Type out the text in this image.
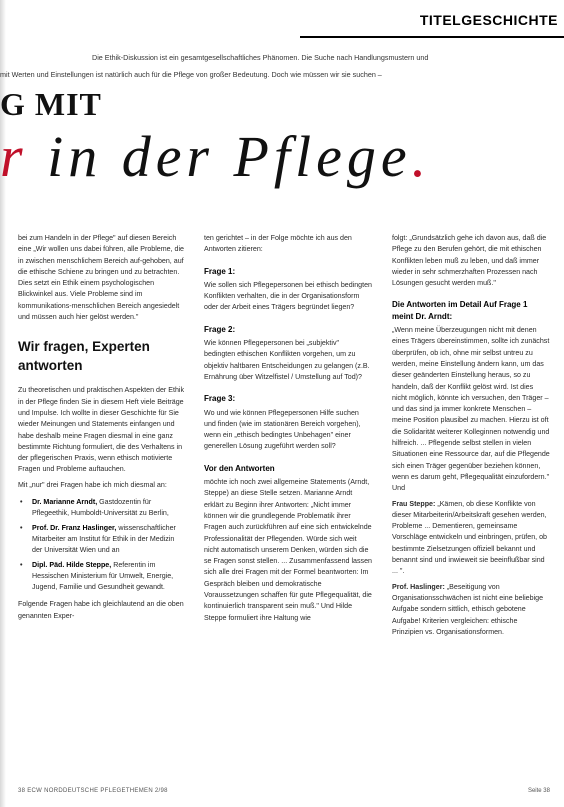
TITELGESCHICHTE
Die Ethik-Diskussion ist ein gesamtgesellschaftliches Phänomen. Die Suche nach Handlungsmustern und
mit Werten und Einstellungen ist natürlich auch für die Pflege von großer Bedeutung. Doch wie müssen wir sie suchen –
G MIT
r in der Pflege.

bei zum Handeln in der Pflege" auf diesen Bereich eine „Wir wollen uns dabei führen, alle Probleme, die in zwischen menschlichem Bereich auf-gehoben, auf die ethische Schiene zu bringen und zu betrachten. Dies setzt ein Ethik einem psychologischen Blickwinkel aus. Viele Probleme sind im kommunikations-menschlichen Bereich angesiedelt und müssen auch hier gelöst werden."

Wir fragen, Experten antworten

Zu theoretischen und praktischen Aspekten der Ethik in der Pflege finden Sie in diesem Heft viele Beiträge und Impulse. Ich wollte in dieser Geschichte für Sie wieder Meinungen und Statements einfangen und habe deshalb meine Fragen diesmal in eine ganz bestimmte Richtung formuliert, die des Verhaltens in der pflegerischen Praxis, wenn ethisch motivierte Fragen und Probleme auftauchen.

Mit „nur" drei Fragen habe ich mich diesmal an:

• Dr. Marianne Arndt, Gastdozentin für Pflegeethik, Humboldt-Universität zu Berlin,
• Prof. Dr. Franz Haslinger, wissenschaftlicher Mitarbeiter am Institut für Ethik in der Medizin der Universität Wien und an
• Dipl. Päd. Hilde Steppe, Referentin im Hessischen Ministerium für Umwelt, Energie, Jugend, Familie und Gesundheit gewandt.

Folgende Fragen habe ich gleichlautend an die oben genannten Exper-

ten gerichtet – in der Folge möchte ich aus den Antworten zitieren:

Frage 1:

Wie sollen sich Pflegepersonen bei ethisch bedingten Konflikten verhalten, die in der Organisationsform oder der Arbeit eines Trägers begründet liegen?

Frage 2:

Wie können Pflegepersonen bei „subjektiv" bedingten ethischen Konflikten vorgehen, um zu objektiv haltbaren Entscheidungen zu gelangen (z.B. Ernährung über Witzelfistel / Umstellung auf Tod)?

Frage 3:

Wo und wie können Pflegepersonen Hilfe suchen und finden (wie im stationären Bereich vorgehen), wenn ein „ethisch bedingtes Unbehagen" einer generellen Lösung zugeführt werden soll?

Vor den Antworten

möchte ich noch zwei allgemeine Statements (Arndt, Steppe) an diese Stelle setzen. Marianne Arndt erklärt zu Beginn ihrer Antworten: „Nicht immer können wir die grundlegende Problematik ihrer Fragen auch zurückführen auf eine sich entwickelnde Professionalität der Pflegenden. Würde sich weit nicht automatisch unserem Denken, würden sich die se Fragen sonst stellen. ... Zusammenfassend lassen sich alle drei Fragen mit der Formel beantworten: Im Gespräch bleiben und demokratische Voraussetzungen schaffen für gute Pflegequalität, die kontinuierlich transparent sein muß." Und Hilde Steppe formuliert ihre Haltung wie

folgt: „Grundsätzlich gehe ich davon aus, daß die Pflege zu den Berufen gehört, die mit ethischen Konflikten leben muß zu leben, und daß immer wieder in sehr schmerzhaften Prozessen nach Lösungen gesucht werden muß."

Die Antworten im Detail Auf Frage 1 meint Dr. Arndt:

„Wenn meine Überzeugungen nicht mit denen eines Trägers übereinstimmen, sollte ich zunächst überprüfen, ob ich, ohne mir selbst untreu zu werden, meine Einstellung ändern kann, um das dieser geänderten Einstellung heraus, so zu handeln, daß der Konflikt gelöst wird. Ist dies nicht möglich, könnte ich versuchen, den Träger – und das sind ja immer konkrete Menschen – meine Position plausibel zu machen. Hierzu ist oft die Solidarität weiterer Kolleginnen notwendig und hilfreich. ... Pflegende selbst stellen in vielen Situationen eine Ressource dar, auf die Pflegende sich einen Träger gegenüber beziehen können, wenn es darum geht, Pflegequalität einzufordern." Und

Frau Steppe: „Kämen, ob diese Konflikte von dieser Mitarbeiterin/Arbeitskraft gesehen werden, Probleme ... Dementieren, gemeinsame Vorschläge entwickeln und einbringen, prüfen, ob bestimmte Zielsetzungen offiziell bekannt und benannt sind und inwieweit sie beeinflußbar sind ... ".

Prof. Haslinger: „Beseitigung von Organisationsschwächen ist nicht eine beliebige Aufgabe sondern sittlich, ethisch gebotene Aufgabe! Kriterien vergleichen: ethische Prinzipien vs. Organisationsformen.

38 ECW NORDDEUTSCHE PFLEGETHEMEN 2/98	Seite 38
